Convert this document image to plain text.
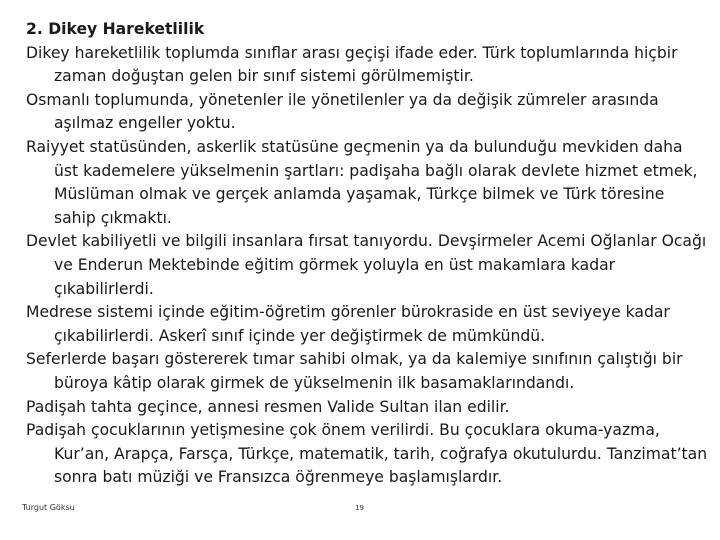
2. Dikey Hareketlilik

Dikey hareketlilik toplumda sınıflar arası geçişi ifade eder. Türk toplumlarında hiçbir zaman doğuştan gelen bir sınıf sistemi görülmemiştir.

Osmanlı toplumunda, yönetenler ile yönetilenler ya da değişik zümreler arasında aşılmaz engeller yoktu.

Raiyyet statüsünden, askerlik statüsüne geçmenin ya da bulunduğu mevkiden daha üst kademelere yükselmenin şartları: padişaha bağlı olarak devlete hizmet etmek, Müslüman olmak ve gerçek anlamda yaşamak, Türkçe bilmek ve Türk töresine sahip çıkmaktı.

Devlet kabiliyetli ve bilgili insanlara fırsat tanıyordu. Devşirmeler Acemi Oğlanlar Ocağı ve Enderun Mektebinde eğitim görmek yoluyla en üst makamlara kadar çıkabilirlerdi.

Medrese sistemi içinde eğitim-öğretim görenler bürokraside en üst seviyeye kadar çıkabilirlerdi. Askerî sınıf içinde yer değiştirmek de mümkündü.

Seferlerde başarı göstererek tımar sahibi olmak, ya da kalemiye sınıfının çalıştığı bir büroya kâtip olarak girmek de yükselmenin ilk basamaklarındandı.

Padişah tahta geçince, annesi resmen Valide Sultan ilan edilir.

Padişah çocuklarının yetişmesine çok önem verilirdi. Bu çocuklara okuma-yazma, Kur’an, Arapça, Farsça, Türkçe, matematik, tarih, coğrafya okutulurdu. Tanzimat’tan sonra batı müziği ve Fransızca öğrenmeye başlamışlardır.

Turgut Göksu	19
